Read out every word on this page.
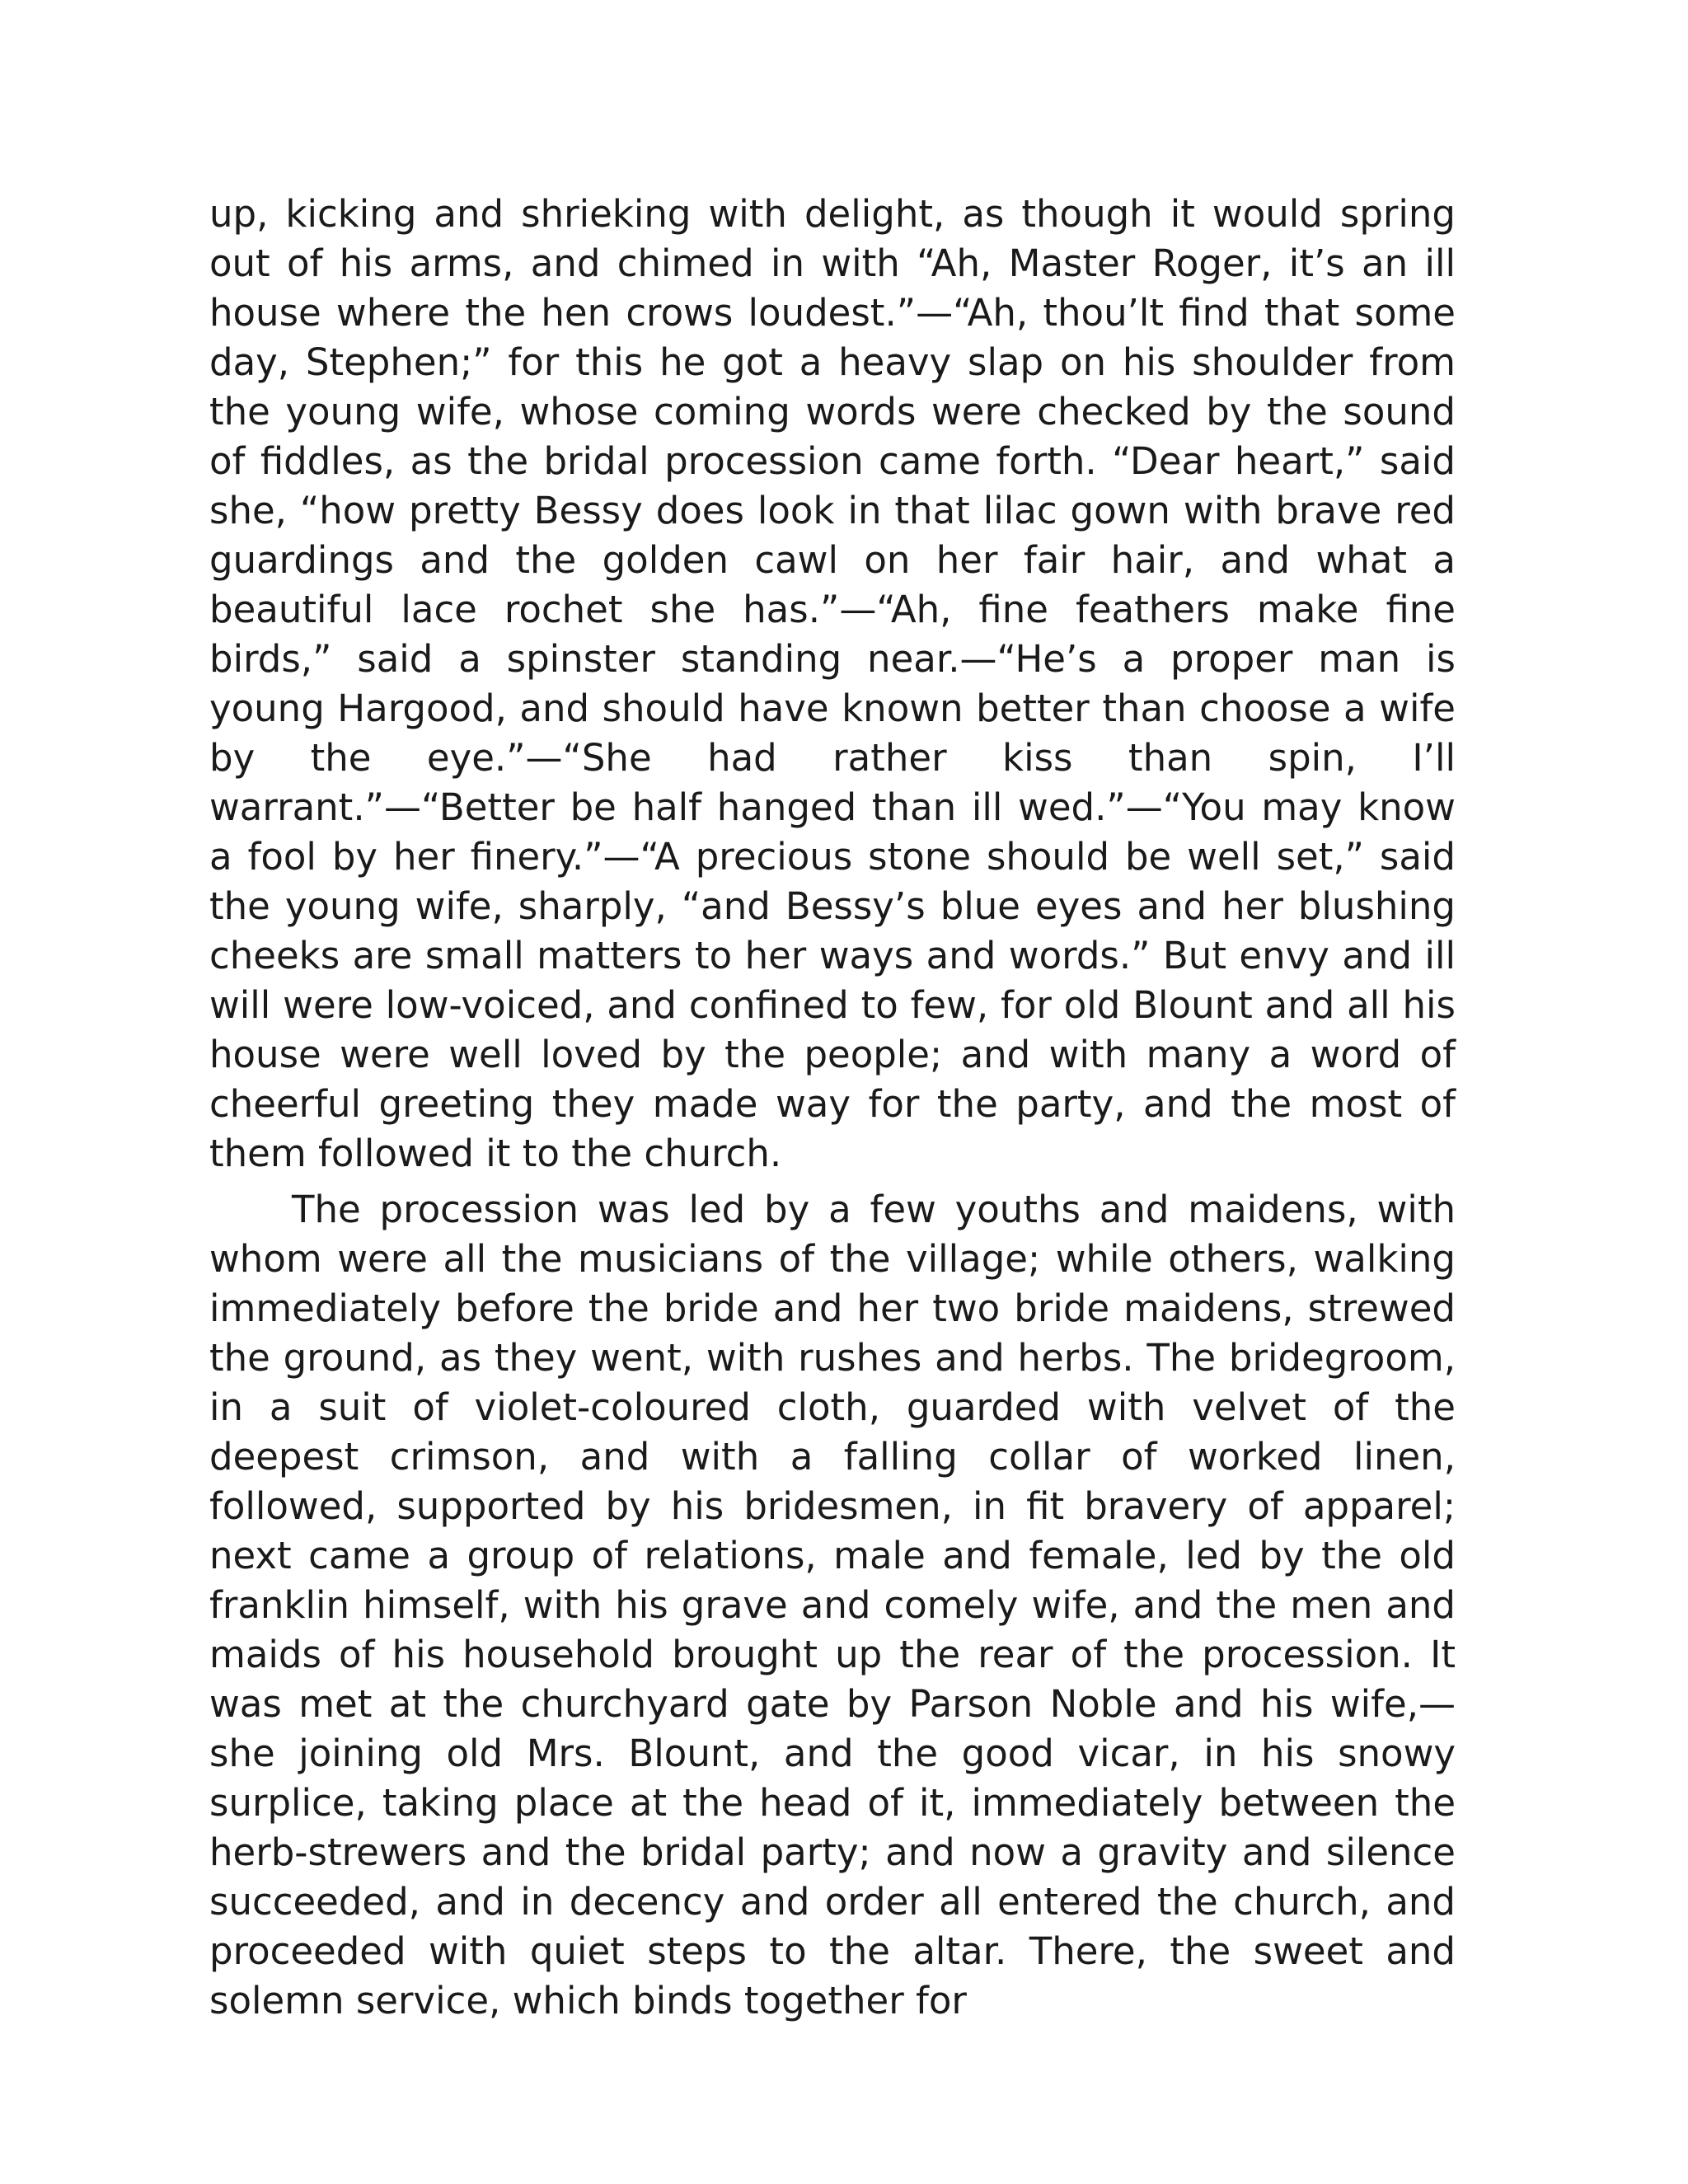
up, kicking and shrieking with delight, as though it would spring out of his arms, and chimed in with “Ah, Master Roger, it’s an ill house where the hen crows loudest.”—“Ah, thou’lt find that some day, Stephen;” for this he got a heavy slap on his shoulder from the young wife, whose coming words were checked by the sound of fiddles, as the bridal procession came forth. “Dear heart,” said she, “how pretty Bessy does look in that lilac gown with brave red guardings and the golden cawl on her fair hair, and what a beautiful lace rochet she has.”—“Ah, fine feathers make fine birds,” said a spinster standing near.—“He’s a proper man is young Hargood, and should have known better than choose a wife by the eye.”—“She had rather kiss than spin, I’ll warrant.”—“Better be half hanged than ill wed.”—“You may know a fool by her finery.”—“A precious stone should be well set,” said the young wife, sharply, “and Bessy’s blue eyes and her blushing cheeks are small matters to her ways and words.” But envy and ill will were low-voiced, and confined to few, for old Blount and all his house were well loved by the people; and with many a word of cheerful greeting they made way for the party, and the most of them followed it to the church.

The procession was led by a few youths and maidens, with whom were all the musicians of the village; while others, walking immediately before the bride and her two bride maidens, strewed the ground, as they went, with rushes and herbs. The bridegroom, in a suit of violet-coloured cloth, guarded with velvet of the deepest crimson, and with a falling collar of worked linen, followed, supported by his bridesmen, in fit bravery of apparel; next came a group of relations, male and female, led by the old franklin himself, with his grave and comely wife, and the men and maids of his household brought up the rear of the procession. It was met at the churchyard gate by Parson Noble and his wife,—she joining old Mrs. Blount, and the good vicar, in his snowy surplice, taking place at the head of it, immediately between the herb-strewers and the bridal party; and now a gravity and silence succeeded, and in decency and order all entered the church, and proceeded with quiet steps to the altar. There, the sweet and solemn service, which binds together for
